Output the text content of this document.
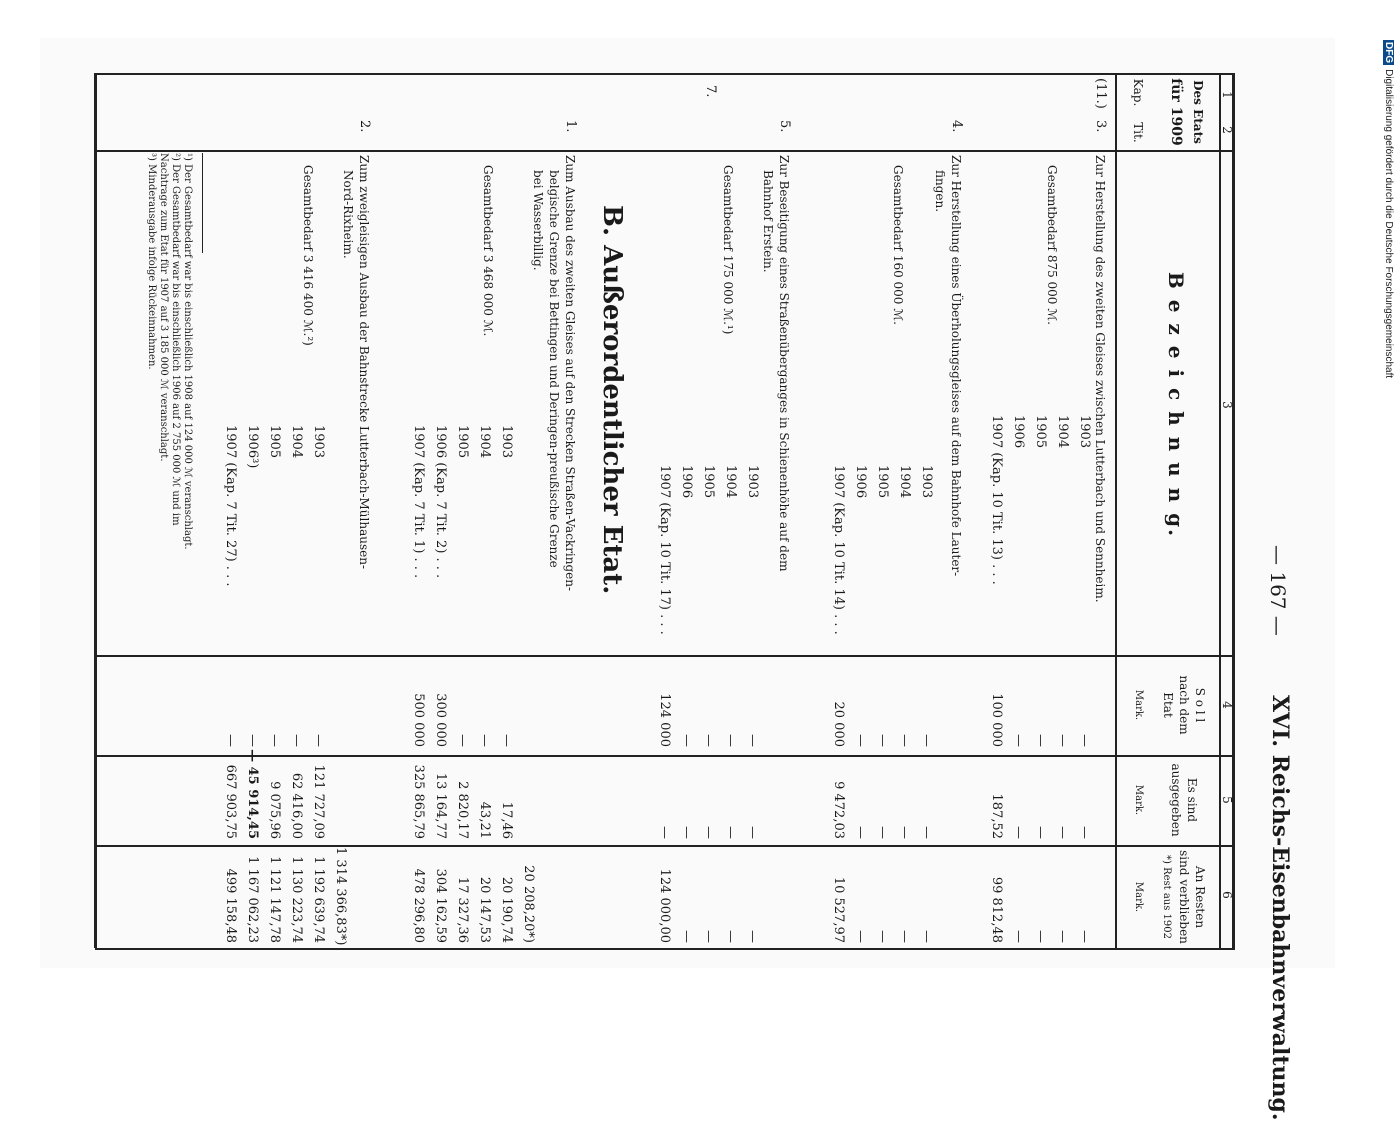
— 167 —
XVI. Reichs-Eisenbahnverwaltung.
1
2
3
4
5
6
Des Etats
für 1909
Kap.
Tit.
B e z e i c h n u n g.
S o l l
nach dem
Etat
Mark.
Es sind
ausgegeben
Mark.
An Resten
sind verblieben
*) Rest aus 1902
Mark.
(11.)
7.
3.
Zur Herstellung des zweiten Gleises zwischen Lutterbach und Sennheim.
Gesamtbedarf 875 000 ℳ.
1903
1904
1905
1906
1907 (Kap. 10 Tit. 13) . . .
—
—
—
—
100 000
—
—
—
—
187,52
—
—
—
—
99 812,48
4.
Zur Herstellung eines Überholungsgleises auf dem Bahnhofe Lauter-
fingen.
Gesamtbedarf 160 000 ℳ.
1903
1904
1905
1906
1907 (Kap. 10 Tit. 14) . . .
—
—
—
—
20 000
—
—
—
—
9 472,03
—
—
—
—
10 527,97
5.
Zur Beseitigung eines Straßenüberganges in Schienenhöhe auf dem
Bahnhof Erstein.
Gesamtbedarf 175 000 ℳ.¹)
1903
1904
1905
1906
1907 (Kap. 10 Tit. 17) . . .
—
—
—
—
124 000
—
—
—
—
—
—
—
—
—
124 000,00
B. Außerordentlicher Etat.
1.
Zum Ausbau des zweiten Gleises auf den Strecken Straßen-Vackringen-
belgische Grenze bei Bettingen und Deringen-preußische Grenze
bei Wasserbillig.
Gesamtbedarf 3 468 000 ℳ.
1903
1904
1905
1906 (Kap. 7 Tit. 2) . . .
1907 (Kap. 7 Tit. 1) . . .
—
—
—
300 000
500 000
17,46
43,21
2 820,17
13 164,77
325 865,79
20 208,20*)
20 190,74
20 147,53
17 327,36
304 162,59
478 296,80
2.
Zum zweigleisigen Ausbau der Bahnstrecke Lutterbach-Mülhausen-
Nord-Rixheim.
Gesamtbedarf 3 416 400 ℳ.²)
1903
1904
1905
1906³)
1907 (Kap. 7 Tit. 27) . . .
—
—
—
—
—
121 727,09
62 416,00
9 075,96
— 45 914,45
667 903,75
1 314 366,83*)
1 192 639,74
1 130 223,74
1 121 147,78
1 167 062,23
499 158,48
¹) Der Gesamtbedarf war bis einschließlich 1908 auf 124 000 ℳ veranschlagt.
²) Der Gesamtbedarf war bis einschließlich 1906 auf 2 755 000 ℳ und im
Nachtrage zum Etat für 1907 auf 3 185 000 ℳ veranschlagt.
³) Minderausgabe infolge Rückeinnahmen.
DFGDigitalisierung gefördert durch die Deutsche Forschungsgemeinschaft
